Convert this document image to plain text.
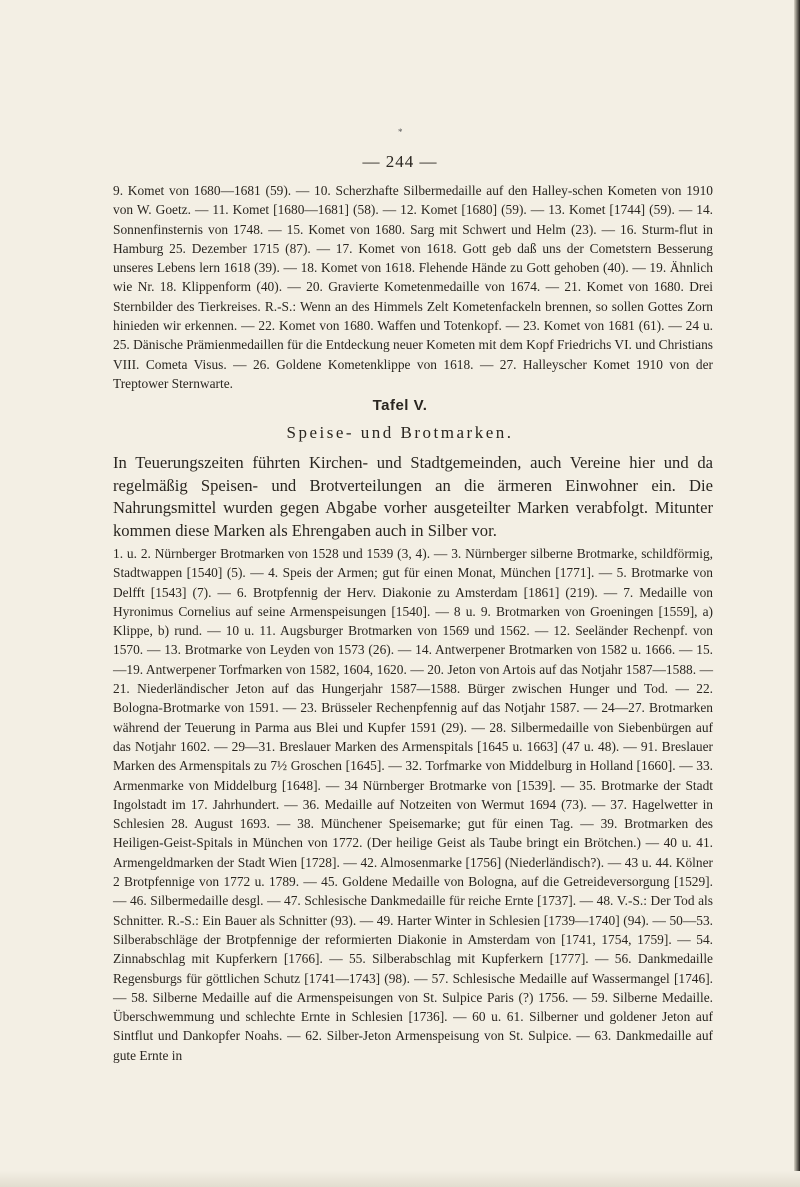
*
— 244 —

9. Komet von 1680—1681 (59). — 10. Scherzhafte Silbermedaille auf den Halley-schen Kometen von 1910 von W. Goetz. — 11. Komet [1680—1681] (58). — 12. Komet [1680] (59). — 13. Komet [1744] (59). — 14. Sonnenfinsternis von 1748. — 15. Komet von 1680. Sarg mit Schwert und Helm (23). — 16. Sturm-flut in Hamburg 25. Dezember 1715 (87). — 17. Komet von 1618. Gott geb daß uns der Cometstern Besserung unseres Lebens lern 1618 (39). — 18. Komet von 1618. Flehende Hände zu Gott gehoben (40). — 19. Ähnlich wie Nr. 18. Klippenform (40). — 20. Gravierte Kometenmedaille von 1674. — 21. Komet von 1680. Drei Sternbilder des Tierkreises. R.-S.: Wenn an des Himmels Zelt Kometenfackeln brennen, so sollen Gottes Zorn hinieden wir erkennen. — 22. Komet von 1680. Waffen und Totenkopf. — 23. Komet von 1681 (61). — 24 u. 25. Dänische Prämienmedaillen für die Entdeckung neuer Kometen mit dem Kopf Friedrichs VI. und Christians VIII. Cometa Visus. — 26. Goldene Kometenklippe von 1618. — 27. Halleyscher Komet 1910 von der Treptower Sternwarte.

Tafel V.
Speise- und Brotmarken.
In Teuerungszeiten führten Kirchen- und Stadtgemeinden, auch Vereine hier und da regelmäßig Speisen- und Brotverteilungen an die ärmeren Einwohner ein. Die Nahrungsmittel wurden gegen Abgabe vorher ausgeteilter Marken verabfolgt. Mitunter kommen diese Marken als Ehrengaben auch in Silber vor.

1. u. 2. Nürnberger Brotmarken von 1528 und 1539 (3, 4). — 3. Nürnberger silberne Brotmarke, schildförmig, Stadtwappen [1540] (5). — 4. Speis der Armen; gut für einen Monat, München [1771]. — 5. Brotmarke von Delfft [1543] (7). — 6. Brotpfennig der Herv. Diakonie zu Amsterdam [1861] (219). — 7. Medaille von Hyronimus Cornelius auf seine Armenspeisungen [1540]. — 8 u. 9. Brotmarken von Groeningen [1559], a) Klippe, b) rund. — 10 u. 11. Augsburger Brotmarken von 1569 und 1562. — 12. Seeländer Rechenpf. von 1570. — 13. Brotmarke von Leyden von 1573 (26). — 14. Antwerpener Brotmarken von 1582 u. 1666. — 15.—19. Antwerpener Torfmarken von 1582, 1604, 1620. — 20. Jeton von Artois auf das Notjahr 1587—1588. — 21. Niederländischer Jeton auf das Hungerjahr 1587—1588. Bürger zwischen Hunger und Tod. — 22. Bologna-Brotmarke von 1591. — 23. Brüsseler Rechenpfennig auf das Notjahr 1587. — 24—27. Brotmarken während der Teuerung in Parma aus Blei und Kupfer 1591 (29). — 28. Silbermedaille von Siebenbürgen auf das Notjahr 1602. — 29—31. Breslauer Marken des Armenspitals [1645 u. 1663] (47 u. 48). — 91. Breslauer Marken des Armenspitals zu 7½ Groschen [1645]. — 32. Torfmarke von Middelburg in Holland [1660]. — 33. Armenmarke von Middelburg [1648]. — 34 Nürnberger Brotmarke von [1539]. — 35. Brotmarke der Stadt Ingolstadt im 17. Jahrhundert. — 36. Medaille auf Notzeiten von Wermut 1694 (73). — 37. Hagelwetter in Schlesien 28. August 1693. — 38. Münchener Speisemarke; gut für einen Tag. — 39. Brotmarken des Heiligen-Geist-Spitals in München von 1772. (Der heilige Geist als Taube bringt ein Brötchen.) — 40 u. 41. Armengeldmarken der Stadt Wien [1728]. — 42. Almosenmarke [1756] (Niederländisch?). — 43 u. 44. Kölner 2 Brotpfennige von 1772 u. 1789. — 45. Goldene Medaille von Bologna, auf die Getreideversorgung [1529]. — 46. Silbermedaille desgl. — 47. Schlesische Dankmedaille für reiche Ernte [1737]. — 48. V.-S.: Der Tod als Schnitter. R.-S.: Ein Bauer als Schnitter (93). — 49. Harter Winter in Schlesien [1739—1740] (94). — 50—53. Silberabschläge der Brotpfennige der reformierten Diakonie in Amsterdam von [1741, 1754, 1759]. — 54. Zinnabschlag mit Kupferkern [1766]. — 55. Silberabschlag mit Kupferkern [1777]. — 56. Dankmedaille Regensburgs für göttlichen Schutz [1741—1743] (98). — 57. Schlesische Medaille auf Wassermangel [1746]. — 58. Silberne Medaille auf die Armenspeisungen von St. Sulpice Paris (?) 1756. — 59. Silberne Medaille. Überschwemmung und schlechte Ernte in Schlesien [1736]. — 60 u. 61. Silberner und goldener Jeton auf Sintflut und Dankopfer Noahs. — 62. Silber-Jeton Armenspeisung von St. Sulpice. — 63. Dankmedaille auf gute Ernte in
